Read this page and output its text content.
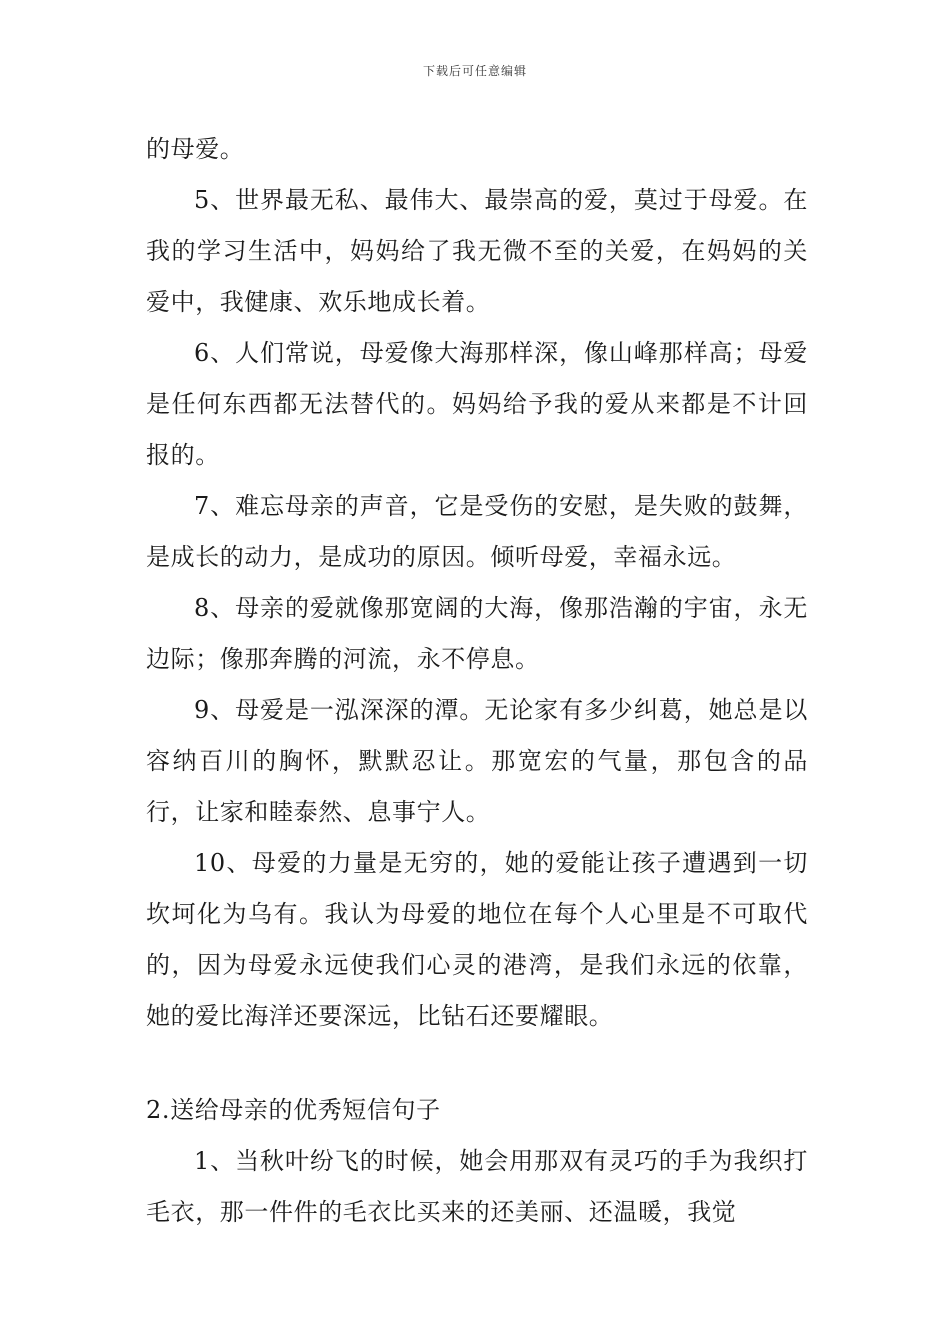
下载后可任意编辑

的母爱。

5、世界最无私、最伟大、最崇高的爱，莫过于母爱。在我的学习生活中，妈妈给了我无微不至的关爱，在妈妈的关爱中，我健康、欢乐地成长着。

6、人们常说，母爱像大海那样深，像山峰那样高；母爱是任何东西都无法替代的。妈妈给予我的爱从来都是不计回报的。

7、难忘母亲的声音，它是受伤的安慰，是失败的鼓舞，是成长的动力，是成功的原因。倾听母爱，幸福永远。

8、母亲的爱就像那宽阔的大海，像那浩瀚的宇宙，永无边际；像那奔腾的河流，永不停息。

9、母爱是一泓深深的潭。无论家有多少纠葛，她总是以容纳百川的胸怀，默默忍让。那宽宏的气量，那包含的品行，让家和睦泰然、息事宁人。

10、母爱的力量是无穷的，她的爱能让孩子遭遇到一切坎坷化为乌有。我认为母爱的地位在每个人心里是不可取代的，因为母爱永远使我们心灵的港湾，是我们永远的依靠，她的爱比海洋还要深远，比钻石还要耀眼。

2.送给母亲的优秀短信句子

1、当秋叶纷飞的时候，她会用那双有灵巧的手为我织打毛衣，那一件件的毛衣比买来的还美丽、还温暖，我觉
